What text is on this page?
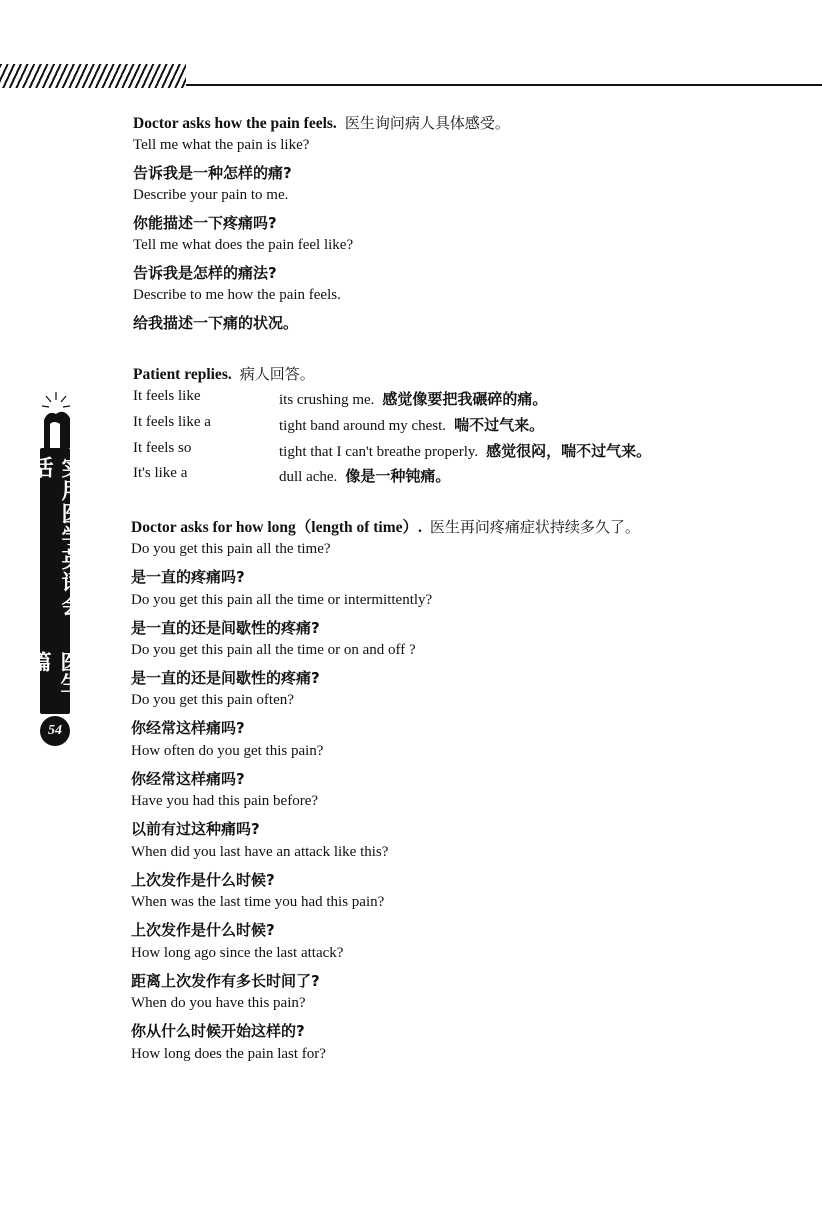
实用医学英语会话
医生篇
54
Doctor asks how the pain feels. 医生询问病人具体感受。
Tell me what the pain is like?
告诉我是一种怎样的痛?
Describe your pain to me.
你能描述一下疼痛吗?
Tell me what does the pain feel like?
告诉我是怎样的痛法?
Describe to me how the pain feels.
给我描述一下痛的状况。
Patient replies. 病人回答。
It feels like	its crushing me. 感觉像要把我碾碎的痛。
It feels like a	tight band around my chest. 喘不过气来。
It feels so	tight that I can't breathe properly. 感觉很闷，喘不过气来。
It's like a	dull ache. 像是一种钝痛。
Doctor asks for how long（length of time）. 医生再问疼痛症状持续多久了。
Do you get this pain all the time?
是一直的疼痛吗?
Do you get this pain all the time or intermittently?
是一直的还是间歇性的疼痛?
Do you get this pain all the time or on and off ?
是一直的还是间歇性的疼痛?
Do you get this pain often?
你经常这样痛吗?
How often do you get this pain?
你经常这样痛吗?
Have you had this pain before?
以前有过这种痛吗?
When did you last have an attack like this?
上次发作是什么时候?
When was the last time you had this pain?
上次发作是什么时候?
How long ago since the last attack?
距离上次发作有多长时间了?
When do you have this pain?
你从什么时候开始这样的?
How long does the pain last for?
